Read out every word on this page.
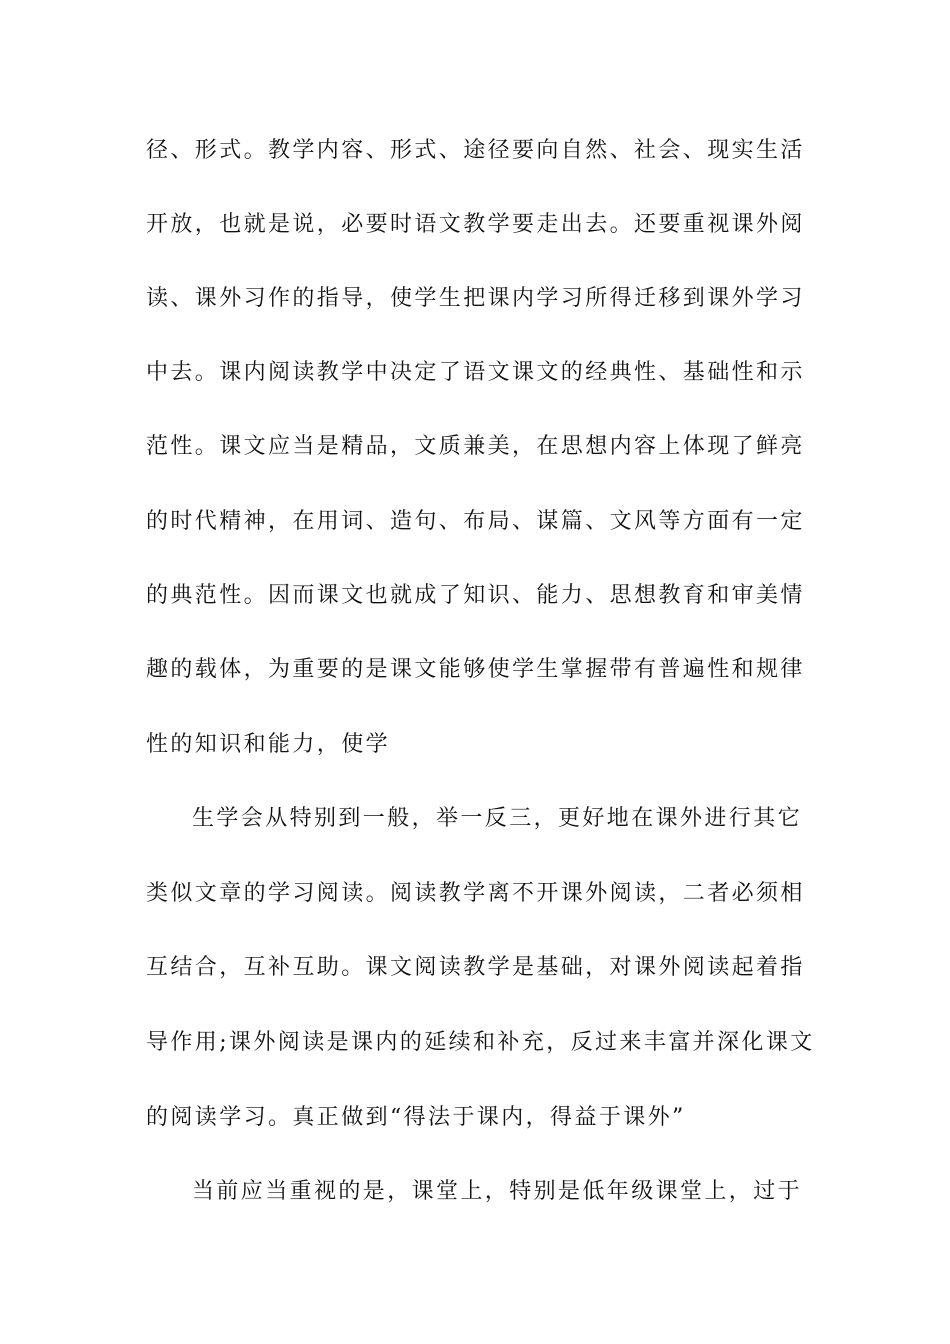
径、形式。教学内容、形式、途径要向自然、社会、现实生活
开放，也就是说，必要时语文教学要走出去。还要重视课外阅
读、课外习作的指导，使学生把课内学习所得迁移到课外学习
中去。课内阅读教学中决定了语文课文的经典性、基础性和示
范性。课文应当是精品，文质兼美，在思想内容上体现了鲜亮
的时代精神，在用词、造句、布局、谋篇、文风等方面有一定
的典范性。因而课文也就成了知识、能力、思想教育和审美情
趣的载体，为重要的是课文能够使学生掌握带有普遍性和规律
性的知识和能力，使学
生学会从特别到一般，举一反三，更好地在课外进行其它
类似文章的学习阅读。阅读教学离不开课外阅读，二者必须相
互结合，互补互助。课文阅读教学是基础，对课外阅读起着指
导作用;课外阅读是课内的延续和补充，反过来丰富并深化课文
的阅读学习。真正做到“得法于课内，得益于课外”
当前应当重视的是，课堂上，特别是低年级课堂上，过于
